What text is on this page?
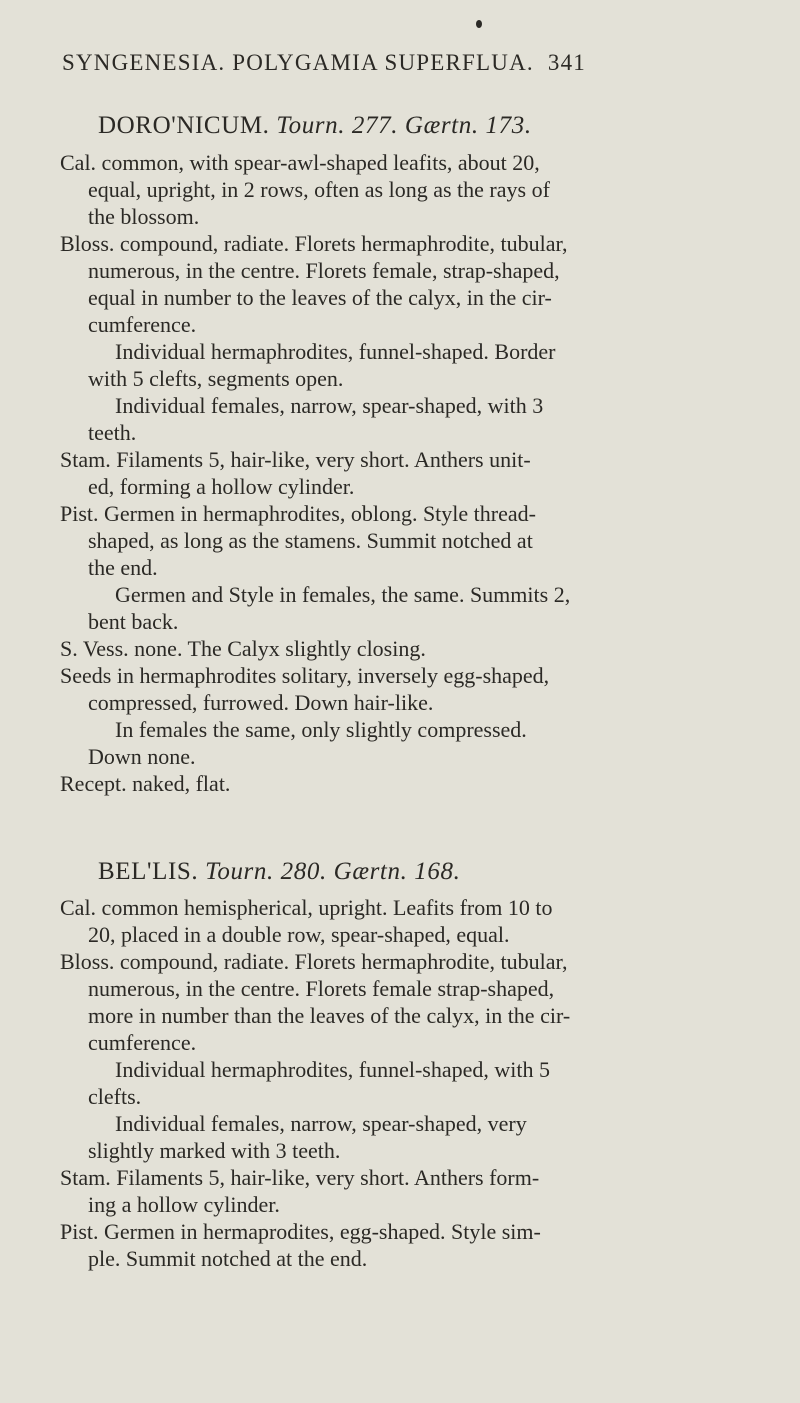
SYNGENESIA. POLYGAMIA SUPERFLUA. 341
DORO'NICUM. Tourn. 277. Gærtn. 173.
Cal. common, with spear-awl-shaped leafits, about 20,
equal, upright, in 2 rows, often as long as the rays of
the blossom.
Bloss. compound, radiate. Florets hermaphrodite, tubular,
numerous, in the centre. Florets female, strap-shaped,
equal in number to the leaves of the calyx, in the cir-
cumference.
Individual hermaphrodites, funnel-shaped. Border
with 5 clefts, segments open.
Individual females, narrow, spear-shaped, with 3
teeth.
Stam. Filaments 5, hair-like, very short. Anthers unit-
ed, forming a hollow cylinder.
Pist. Germen in hermaphrodites, oblong. Style thread-
shaped, as long as the stamens. Summit notched at
the end.
Germen and Style in females, the same. Summits 2,
bent back.
S. Vess. none. The Calyx slightly closing.
Seeds in hermaphrodites solitary, inversely egg-shaped,
compressed, furrowed. Down hair-like.
In females the same, only slightly compressed.
Down none.
Recept. naked, flat.
BEL'LIS. Tourn. 280. Gærtn. 168.
Cal. common hemispherical, upright. Leafits from 10 to
20, placed in a double row, spear-shaped, equal.
Bloss. compound, radiate. Florets hermaphrodite, tubular,
numerous, in the centre. Florets female strap-shaped,
more in number than the leaves of the calyx, in the cir-
cumference.
Individual hermaphrodites, funnel-shaped, with 5
clefts.
Individual females, narrow, spear-shaped, very
slightly marked with 3 teeth.
Stam. Filaments 5, hair-like, very short. Anthers form-
ing a hollow cylinder.
Pist. Germen in hermaprodites, egg-shaped. Style sim-
ple. Summit notched at the end.
